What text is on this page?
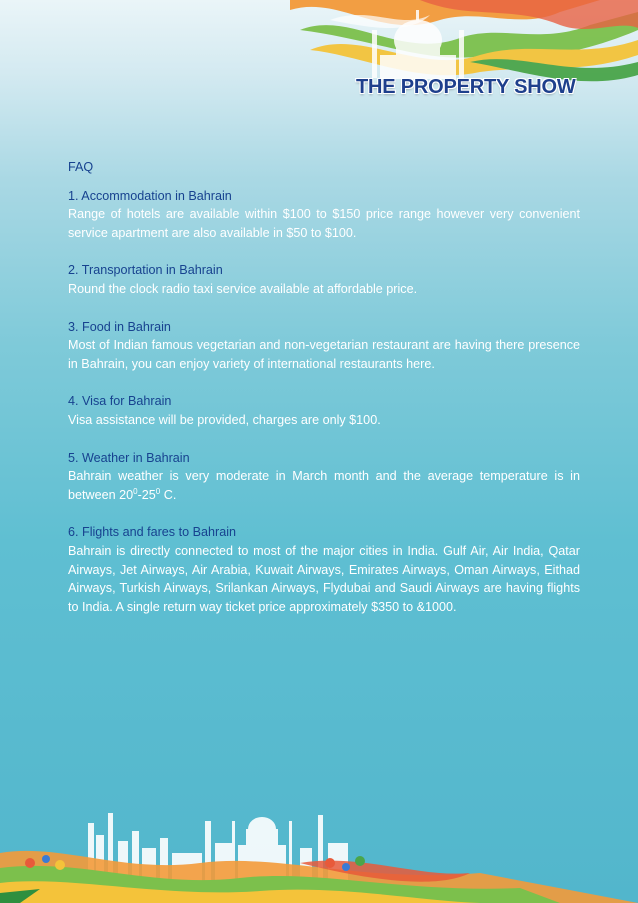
THE PROPERTY SHOW
FAQ
1. Accommodation in Bahrain

Range of hotels are available within $100 to $150 price range however very convenient service apartment are also available in $50 to $100.

2. Transportation in Bahrain

Round the clock radio taxi service available at affordable price.

3. Food in Bahrain

Most of Indian famous vegetarian and non-vegetarian restaurant are having there presence in Bahrain, you can enjoy variety of international restaurants here.

4. Visa for Bahrain

Visa assistance will be provided, charges are only $100.

5. Weather in Bahrain

Bahrain weather is very moderate in March month and the average temperature is in between $20^0-25^0$ C.

6. Flights and fares to Bahrain

Bahrain is directly connected to most of the major cities in India. Gulf Air, Air India, Qatar Airways, Jet Airways, Air Arabia, Kuwait Airways, Emirates Airways, Oman Airways, Eithad Airways, Turkish Airways, Srilankan Airways, Flydubai and Saudi Airways are having flights to India. A single return way ticket price approximately $350 to &1000.
